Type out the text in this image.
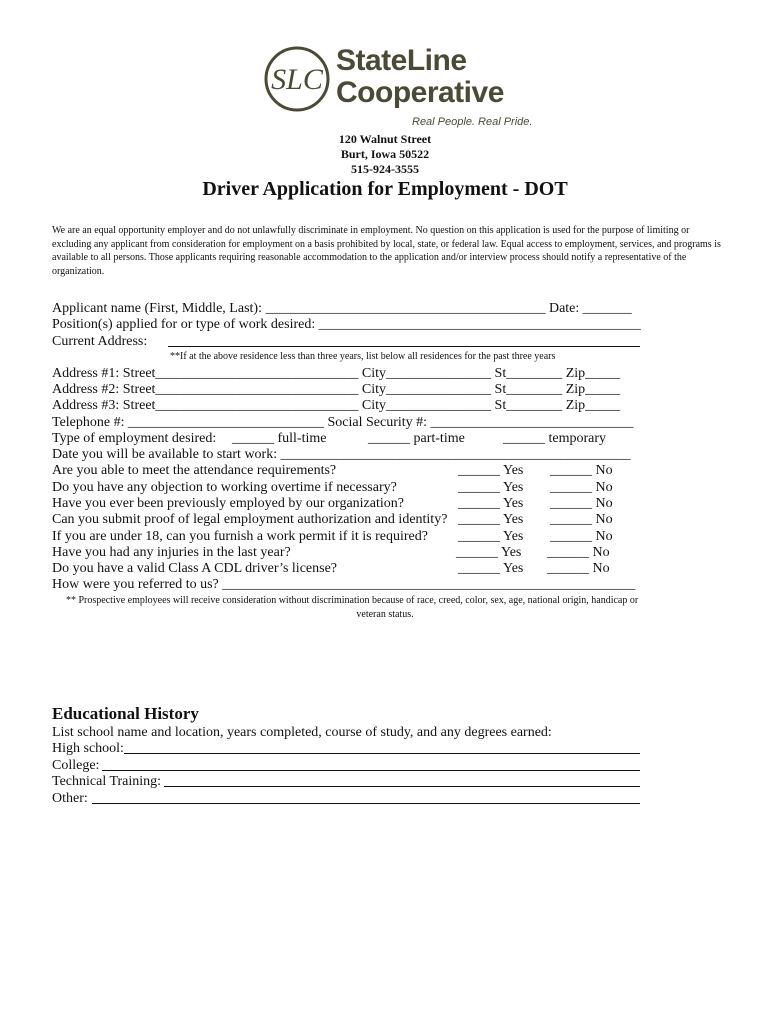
SLC
StateLine
Cooperative
Real People. Real Pride.
120 Walnut Street
Burt, Iowa 50522
515-924-3555
Driver Application for Employment - DOT
We are an equal opportunity employer and do not unlawfully discriminate in employment. No question on this application is used for the purpose of limiting or excluding any applicant from consideration for employment on a basis prohibited by local, state, or federal law. Equal access to employment, services, and programs is available to all persons. Those applicants requiring reasonable accommodation to the application and/or interview process should notify a representative of the organization.
Applicant name (First, Middle, Last): ________________________________________ Date: _______
Position(s) applied for or type of work desired: ______________________________________________
Current Address:
**If at the above residence less than three years, list below all residences for the past three years
Address #1: Street_____________________________ City_______________ St________ Zip_____
Address #2: Street_____________________________ City_______________ St________ Zip_____
Address #3: Street_____________________________ City_______________ St________ Zip_____
Telephone #: ____________________________ Social Security #: _____________________________
Type of employment desired: ______ full-time	______ part-time	______ temporary
Date you will be available to start work: __________________________________________________
Are you able to meet the attendance requirements?	______ Yes ______ No
Do you have any objection to working overtime if necessary?	______ Yes ______ No
Have you ever been previously employed by our organization?	______ Yes ______ No
Can you submit proof of legal employment authorization and identity? ______ Yes ______ No
If you are under 18, can you furnish a work permit if it is required? ______ Yes ______ No
Have you had any injuries in the last year?	______ Yes ______ No
Do you have a valid Class A CDL driver’s license?	______ Yes ______ No
How were you referred to us? ___________________________________________________________
** Prospective employees will receive consideration without discrimination because of race, creed, color, sex, age, national origin, handicap or
veteran status.
Educational History
List school name and location, years completed, course of study, and any degrees earned:
High school:
College:
Technical Training:
Other:
